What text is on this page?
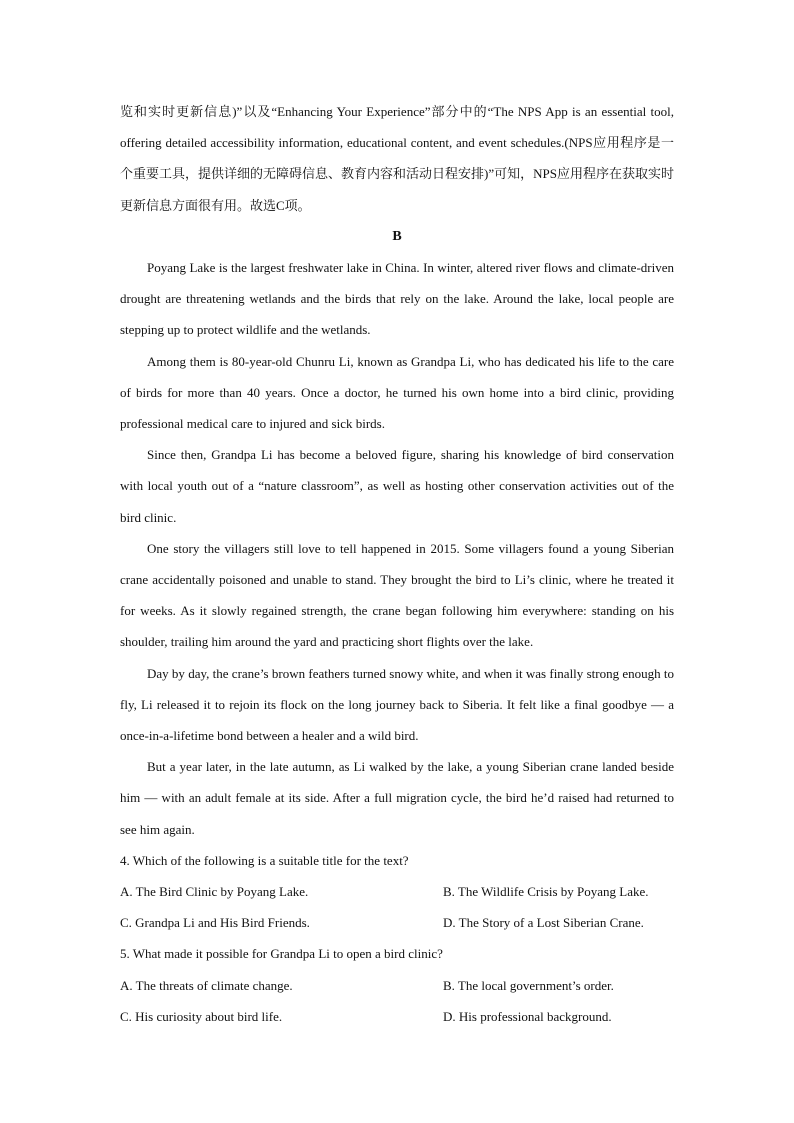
览和实时更新信息)”以及“Enhancing Your Experience”部分中的“The NPS App is an essential tool, offering detailed accessibility information, educational content, and event schedules.(NPS应用程序是一个重要工具，提供详细的无障碍信息、教育内容和活动日程安排)”可知，NPS应用程序在获取实时更新信息方面很有用。故选C项。

B

Poyang Lake is the largest freshwater lake in China. In winter, altered river flows and climate-driven drought are threatening wetlands and the birds that rely on the lake. Around the lake, local people are stepping up to protect wildlife and the wetlands.

Among them is 80-year-old Chunru Li, known as Grandpa Li, who has dedicated his life to the care of birds for more than 40 years. Once a doctor, he turned his own home into a bird clinic, providing professional medical care to injured and sick birds.

Since then, Grandpa Li has become a beloved figure, sharing his knowledge of bird conservation with local youth out of a “nature classroom”, as well as hosting other conservation activities out of the bird clinic.

One story the villagers still love to tell happened in 2015. Some villagers found a young Siberian crane accidentally poisoned and unable to stand. They brought the bird to Li’s clinic, where he treated it for weeks. As it slowly regained strength, the crane began following him everywhere: standing on his shoulder, trailing him around the yard and practicing short flights over the lake.

Day by day, the crane’s brown feathers turned snowy white, and when it was finally strong enough to fly, Li released it to rejoin its flock on the long journey back to Siberia. It felt like a final goodbye — a once-in-a-lifetime bond between a healer and a wild bird.

But a year later, in the late autumn, as Li walked by the lake, a young Siberian crane landed beside him — with an adult female at its side. After a full migration cycle, the bird he’d raised had returned to see him again.

4. Which of the following is a suitable title for the text?

A. The Bird Clinic by Poyang Lake.	B. The Wildlife Crisis by Poyang Lake.
C. Grandpa Li and His Bird Friends.	D. The Story of a Lost Siberian Crane.

5. What made it possible for Grandpa Li to open a bird clinic?

A. The threats of climate change.	B. The local government’s order.
C. His curiosity about bird life.	D. His professional background.
